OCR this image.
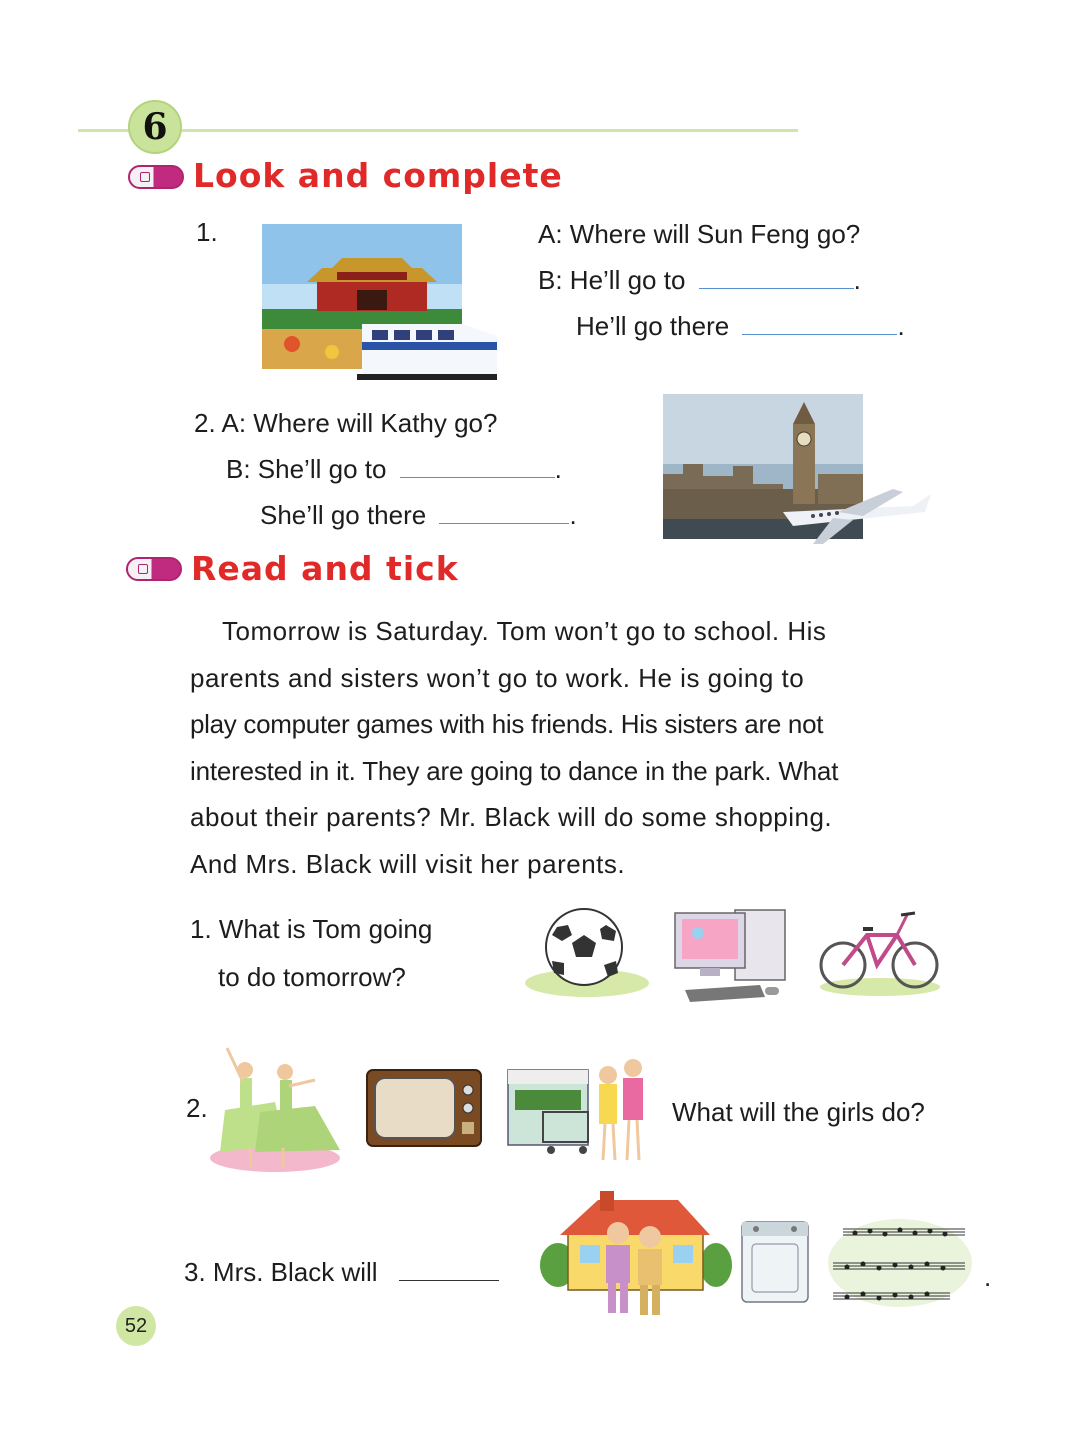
6
Look and complete
1.	A: Where will Sun Feng go?
B: He’ll go to	.
He’ll go there	.
2. A: Where will Kathy go?
B: She’ll go to	.
She’ll go there	.
Read and tick
Tomorrow is Saturday. Tom won’t go to school. His
parents and sisters won’t go to work. He is going to
play computer games with his friends. His sisters are not
interested in it. They are going to dance in the park. What
about their parents? Mr. Black will do some shopping.
And Mrs. Black will visit her parents.
1. What is Tom going
to do tomorrow?
2.	What will the girls do?
3. Mrs. Black will	.
52
